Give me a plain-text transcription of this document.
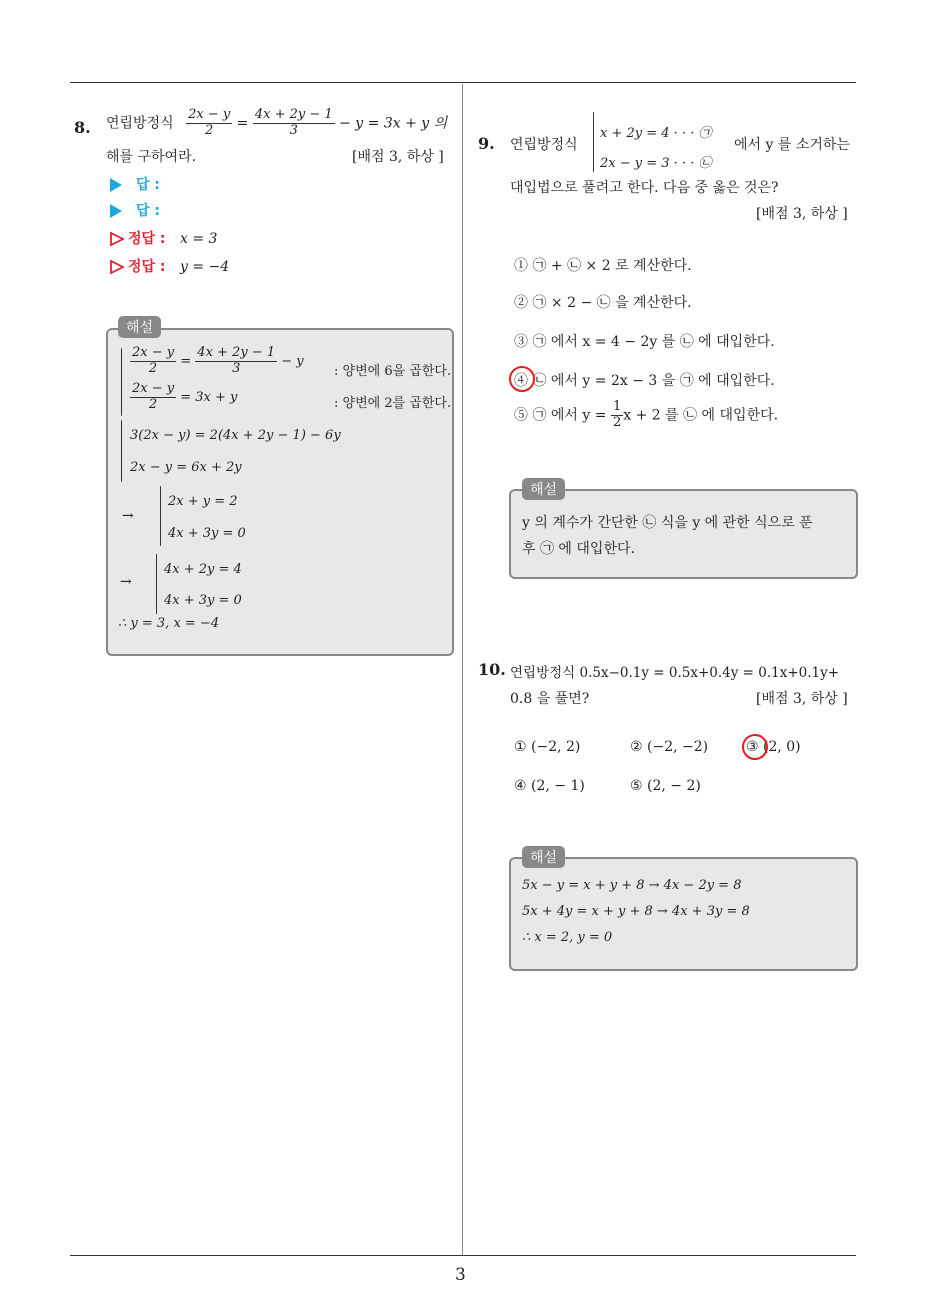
3
8. 연립방정식 $\frac{2x - y}{2} = \frac{4x + 2y - 1}{3} - y = 3x + y$ 의
해를 구하여라.	[배점 3, 하상 ]
답 :
답 :
정답 : x = 3
정답 : y = −4
해설
$\frac{2x - y}{2} = \frac{4x + 2y - 1}{3} - y$
: 양변에 6을 곱한다.
$\frac{2x - y}{2} = 3x + y$	: 양변에 2를 곱한다.
3(2x − y) = 2(4x + 2y − 1) − 6y
2x − y = 6x + 2y
→
2x + y = 2
4x + 3y = 0
→
4x + 2y = 4
4x + 3y = 0
∴ y = 3, x = −4
9. 연립방정식
x + 2y = 4 · · · ㉠
2x − y = 3 · · · ㉡
에서 y 를 소거하는
대입법으로 풀려고 한다. 다음 중 옳은 것은?
[배점 3, 하상 ]
① ㉠ + ㉡ × 2 로 계산한다.
② ㉠ × 2 − ㉡ 을 계산한다.
③ ㉠ 에서 x = 4 − 2y 를 ㉡ 에 대입한다.
④ ㉡ 에서 y = 2x − 3 을 ㉠ 에 대입한다.
⑤ ㉠ 에서 $y = \frac{1}{2}$ x + 2 를 ㉡ 에 대입한다.
해설
y 의 계수가 간단한 ㉡ 식을 y 에 관한 식으로 푼
후 ㉠ 에 대입한다.
10. 연립방정식 0.5x−0.1y = 0.5x+0.4y = 0.1x+0.1y+
0.8 을 풀면?	[배점 3, 하상 ]
① (−2, 2)	② (−2, −2)	③ (2, 0)
④ (2, − 1)	⑤ (2, − 2)
해설
5x − y = x + y + 8 → 4x − 2y = 8
5x + 4y = x + y + 8 → 4x + 3y = 8
∴ x = 2, y = 0
